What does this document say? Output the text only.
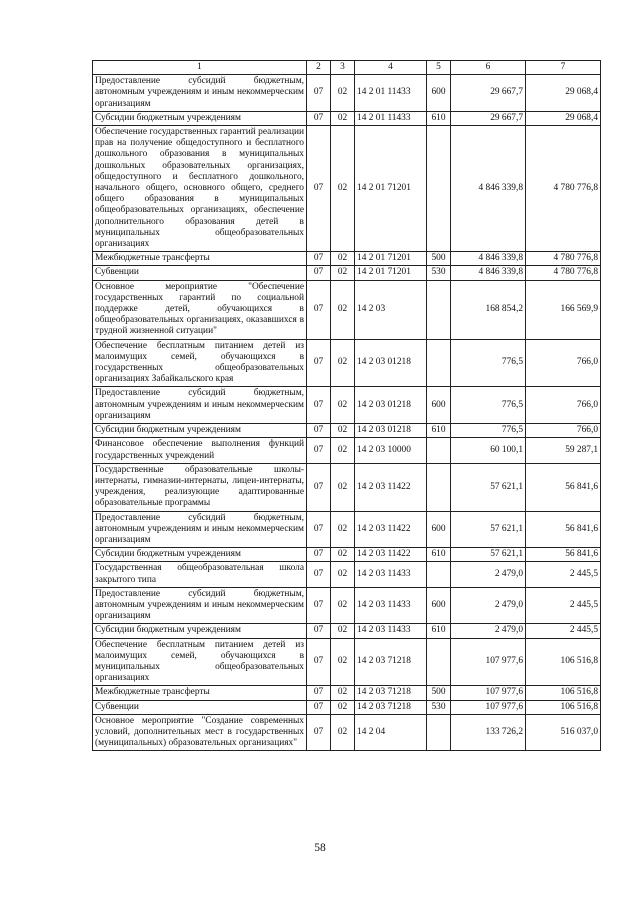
1	2	3	4	5	6	7
Предоставление субсидий бюджетным, автономным учреждениям и иным некоммерческим организациям	07	02	14 2 01 11433	600	29 667,7	29 068,4
Субсидии бюджетным учреждениям	07	02	14 2 01 11433	610	29 667,7	29 068,4
Обеспечение государственных гарантий реализации прав на получение общедоступного и бесплатного дошкольного образования в муниципальных дошкольных образовательных организациях, общедоступного и бесплатного дошкольного, начального общего, основного общего, среднего общего образования в муниципальных общеобразовательных организациях, обеспечение дополнительного образования детей в муниципальных общеобразовательных организациях	07	02	14 2 01 71201		4 846 339,8	4 780 776,8
Межбюджетные трансферты	07	02	14 2 01 71201	500	4 846 339,8	4 780 776,8
Субвенции	07	02	14 2 01 71201	530	4 846 339,8	4 780 776,8
Основное мероприятие "Обеспечение государственных гарантий по социальной поддержке детей, обучающихся в общеобразовательных организациях, оказавшихся в трудной жизненной ситуации"	07	02	14 2 03		168 854,2	166 569,9
Обеспечение бесплатным питанием детей из малоимущих семей, обучающихся в государственных общеобразовательных организациях Забайкальского края	07	02	14 2 03 01218		776,5	766,0
Предоставление субсидий бюджетным, автономным учреждениям и иным некоммерческим организациям	07	02	14 2 03 01218	600	776,5	766,0
Субсидии бюджетным учреждениям	07	02	14 2 03 01218	610	776,5	766,0
Финансовое обеспечение выполнения функций государственных учреждений	07	02	14 2 03 10000		60 100,1	59 287,1
Государственные образовательные школы-интернаты, гимназии-интернаты, лицеи-интернаты, учреждения, реализующие адаптированные образовательные программы	07	02	14 2 03 11422		57 621,1	56 841,6
Предоставление субсидий бюджетным, автономным учреждениям и иным некоммерческим организациям	07	02	14 2 03 11422	600	57 621,1	56 841,6
Субсидии бюджетным учреждениям	07	02	14 2 03 11422	610	57 621,1	56 841,6
Государственная общеобразовательная школа закрытого типа	07	02	14 2 03 11433		2 479,0	2 445,5
Предоставление субсидий бюджетным, автономным учреждениям и иным некоммерческим организациям	07	02	14 2 03 11433	600	2 479,0	2 445,5
Субсидии бюджетным учреждениям	07	02	14 2 03 11433	610	2 479,0	2 445,5
Обеспечение бесплатным питанием детей из малоимущих семей, обучающихся в муниципальных общеобразовательных организациях	07	02	14 2 03 71218		107 977,6	106 516,8
Межбюджетные трансферты	07	02	14 2 03 71218	500	107 977,6	106 516,8
Субвенции	07	02	14 2 03 71218	530	107 977,6	106 516,8
Основное мероприятие "Создание современных условий, дополнительных мест в государственных (муниципальных) образовательных организациях"	07	02	14 2 04		133 726,2	516 037,0
58
